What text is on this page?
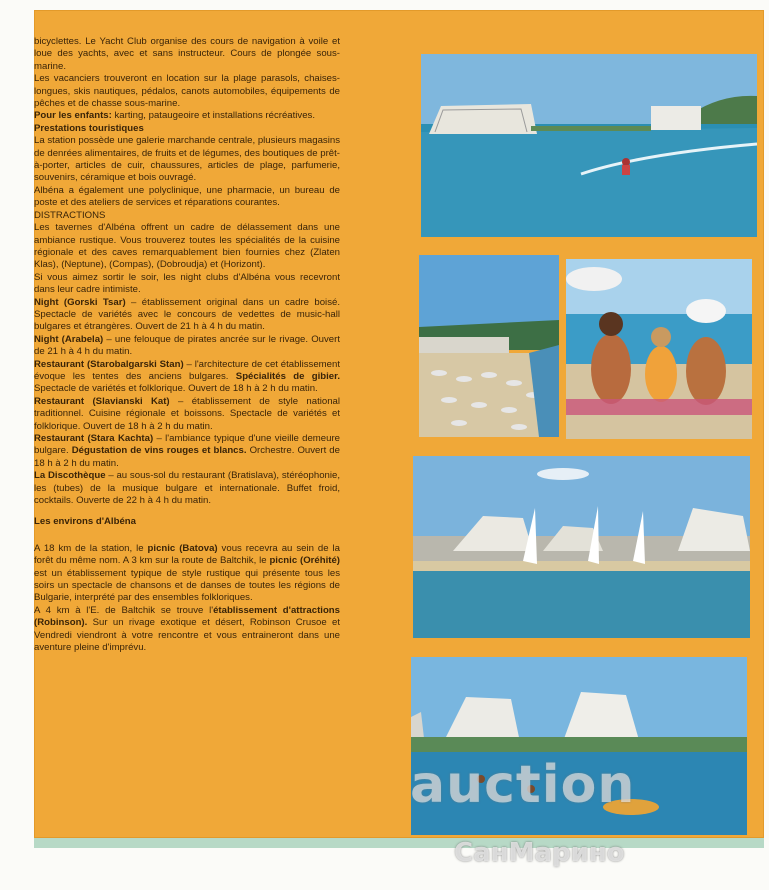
bicyclettes. Le Yacht Club organise des cours de navigation à voile et loue des yachts, avec et sans instructeur. Cours de plongée sous-marine.

Les vacanciers trouveront en location sur la plage parasols, chaises-longues, skis nautiques, pédalos, canots automobiles, équipements de pêches et de chasse sous-marine.

Pour les enfants: karting, pataugeoire et installations récréatives.

Prestations touristiques

La station possède une galerie marchande centrale, plusieurs magasins de denrées alimentaires, de fruits et de légumes, des boutiques de prêt-à-porter, articles de cuir, chaussures, articles de plage, parfumerie, souvenirs, céramique et bois ouvragé.

Albéna a également une polyclinique, une pharmacie, un bureau de poste et des ateliers de services et réparations courantes.

DISTRACTIONS

Les tavernes d'Albéna offrent un cadre de délassement dans une ambiance rustique. Vous trouverez toutes les spécialités de la cuisine régionale et des caves remarquablement bien fournies chez (Zlaten Klas), (Neptune), (Compas), (Dobroudja) et (Horizont).

Si vous aimez sortir le soir, les night clubs d'Albéna vous recevront dans leur cadre intimiste.

Night (Gorski Tsar) – établissement original dans un cadre boisé. Spectacle de variétés avec le concours de vedettes de music-hall bulgares et étrangères. Ouvert de 21 h à 4 h du matin.

Night (Arabela) – une felouque de pirates ancrée sur le rivage. Ouvert de 21 h à 4 h du matin.

Restaurant (Starobalgarski Stan) – l'architecture de cet établissement évoque les tentes des anciens bulgares. Spécialités de gibier. Spectacle de variétés et folklorique. Ouvert de 18 h à 2 h du matin.

Restaurant (Slavianski Kat) – établissement de style national traditionnel. Cuisine régionale et boissons. Spectacle de variétés et folklorique. Ouvert de 18 h à 2 h du matin.

Restaurant (Stara Kachta) – l'ambiance typique d'une vieille demeure bulgare. Dégustation de vins rouges et blancs. Orchestre. Ouvert de 18 h à 2 h du matin.

La Discothèque – au sous-sol du restaurant (Bratislava), stéréophonie, les (tubes) de la musique bulgare et internationale. Buffet froid, cocktails. Ouverte de 22 h à 4 h du matin.

Les environs d'Albéna

A 18 km de la station, le picnic (Batova) vous recevra au sein de la forêt du même nom. A 3 km sur la route de Baltchik, le picnic (Oréhité) est un établissement typique de style rustique qui présente tous les soirs un spectacle de chansons et de danses de toutes les régions de Bulgarie, interprété par des ensembles folkloriques.

A 4 km à l'E. de Baltchik se trouve l'établissement d'attractions (Robinson). Sur un rivage exotique et désert, Robinson Crusoe et Vendredi viendront à votre rencontre et vous entraineront dans une aventure pleine d'imprévu.

auction
СанМарино
